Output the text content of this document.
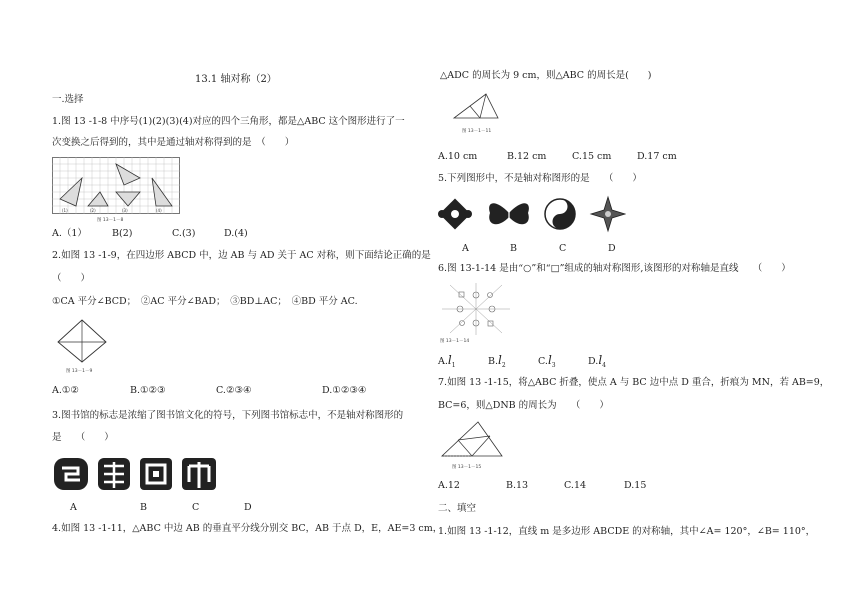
13.1 轴对称（2）
一.选择
1.图 13 -1-8 中序号(1)(2)(3)(4)对应的四个三角形，都是△ABC 这个图形进行了一
次变换之后得到的，其中是通过轴对称得到的是　（　　）
(1)	(2)	(3)	(4)
图 13－1－8
A.（1）	B(2)	C.(3)	D.(4)
2.如图 13 -1-9，在四边形 ABCD 中，边 AB 与 AD 关于 AC 对称，则下面结论正确的是
（　　）
①CA 平分∠BCD；　②AC 平分∠BAD；　③BD⊥AC；　④BD 平分 AC.
图 13－1－9
A.①②	B.①②③	C.②③④	D.①②③④
3.图书馆的标志是浓缩了图书馆文化的符号，下列图书馆标志中，不是轴对称图形的
是　　（　　）
A	B	C	D
4.如图 13 -1-11，△ABC 中边 AB 的垂直平分线分别交 BC，AB 于点 D，E，AE=3 cm，
△ADC 的周长为 9 cm，则△ABC 的周长是(　　)
图 13－1－11
A.10 cm	B.12 cm	C.15 cm	D.17 cm
5.下列图形中，不是轴对称图形的是　　（　　）
A	B	C	D
6.图 13-1-14 是由“○”和“□”组成的轴对称图形,该图形的对称轴是直线　　（　　）
图 13－1－14
$A.l_1$	$B.l_2$	$C.l_3$	$D.l_4$
7.如图 13 -1-15，将△ABC 折叠，使点 A 与 BC 边中点 D 重合，折痕为 MN，若 AB=9，
BC=6，则△DNB 的周长为　　（　　）
图 13－1－15
A.12	B.13	C.14	D.15
二、填空
1.如图 13 -1-12，直线 m 是多边形 ABCDE 的对称轴，其中∠A= 120°，∠B= 110°，
